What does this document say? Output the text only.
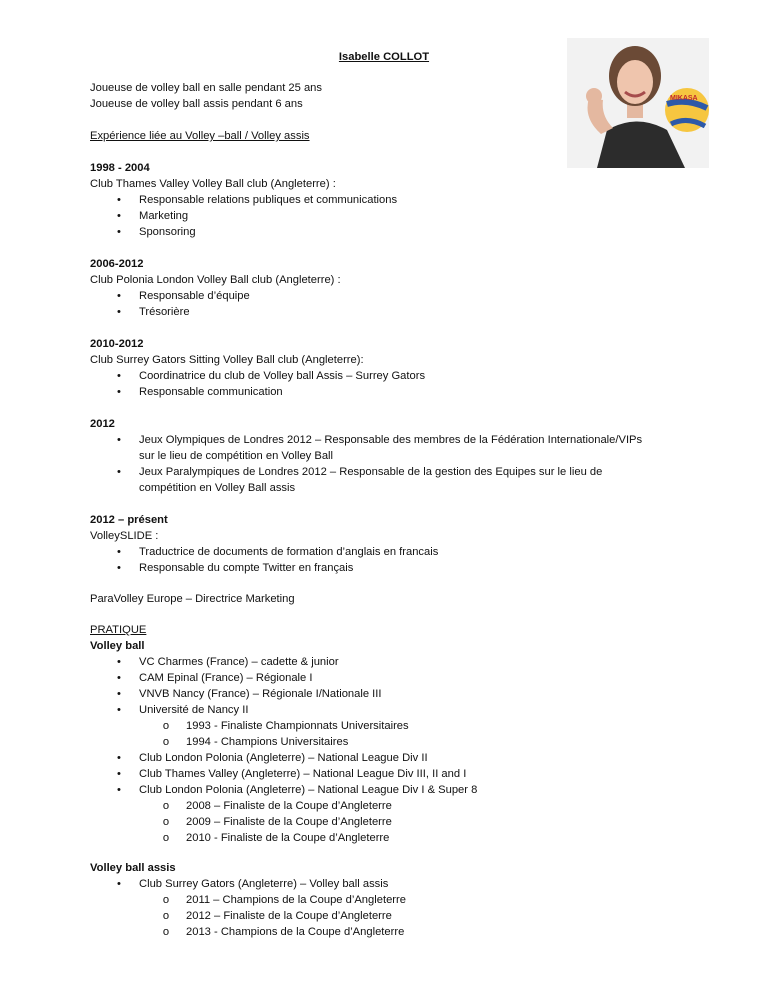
Isabelle COLLOT
Joueuse de volley ball en salle pendant 25 ans
Joueuse de volley ball assis pendant 6 ans	MIKASA
Expérience liée au Volley –ball / Volley assis
1998 - 2004
Club Thames Valley Volley Ball club (Angleterre) :
• Responsable relations publiques et communications
• Marketing
• Sponsoring
2006-2012
Club Polonia London Volley Ball club (Angleterre) :
• Responsable d’équipe
• Trésorière
2010-2012
Club Surrey Gators Sitting Volley Ball club (Angleterre):
• Coordinatrice du club de Volley ball Assis – Surrey Gators
• Responsable communication
2012
• Jeux Olympiques de Londres 2012 – Responsable des membres de la Fédération Internationale/VIPs
sur le lieu de compétition en Volley Ball
• Jeux Paralympiques de Londres 2012 – Responsable de la gestion des Equipes sur le lieu de
compétition en Volley Ball assis
2012 – présent
VolleySLIDE :
• Traductrice de documents de formation d’anglais en francais
• Responsable du compte Twitter en français
ParaVolley Europe – Directrice Marketing
PRATIQUE
Volley ball
• VC Charmes (France) – cadette & junior
• CAM Epinal (France) – Régionale I
• VNVB Nancy (France) – Régionale I/Nationale III
• Université de Nancy II
o 1993 - Finaliste Championnats Universitaires
o 1994 - Champions Universitaires
• Club London Polonia (Angleterre) – National League Div II
• Club Thames Valley (Angleterre) – National League Div III, II and I
• Club London Polonia (Angleterre) – National League Div I & Super 8
o 2008 – Finaliste de la Coupe d’Angleterre
o 2009 – Finaliste de la Coupe d’Angleterre
o 2010 - Finaliste de la Coupe d’Angleterre
Volley ball assis
• Club Surrey Gators (Angleterre) – Volley ball assis
o 2011 – Champions de la Coupe d’Angleterre
o 2012 – Finaliste de la Coupe d’Angleterre
o 2013 - Champions de la Coupe d’Angleterre
